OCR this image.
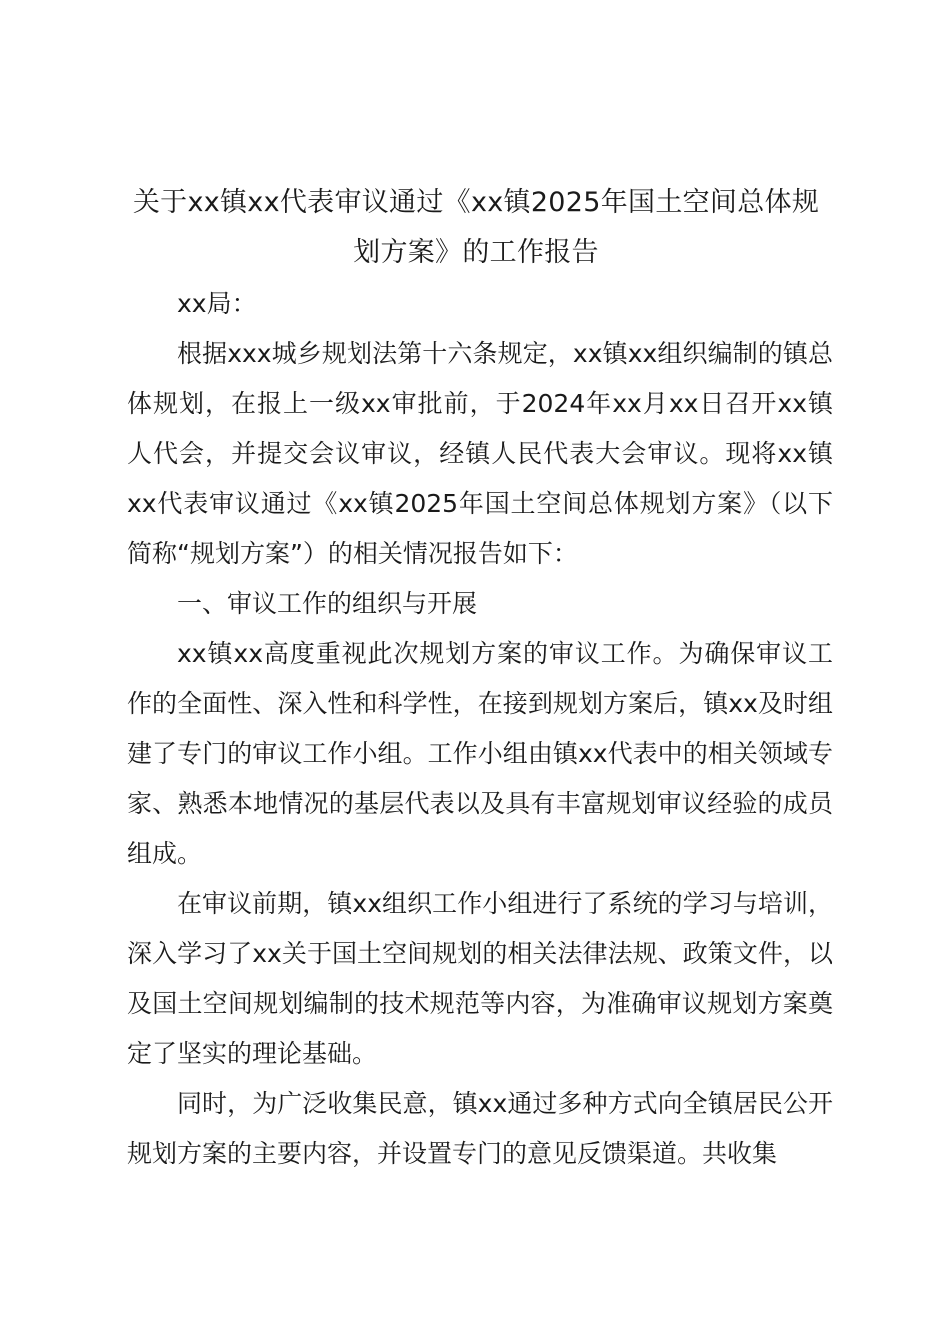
关于xx镇xx代表审议通过《xx镇2025年国土空间总体规划方案》的工作报告

xx局：

根据xxx城乡规划法第十六条规定，xx镇xx组织编制的镇总体规划，在报上一级xx审批前，于2024年xx月xx日召开xx镇人代会，并提交会议审议，经镇人民代表大会审议。现将xx镇xx代表审议通过《xx镇2025年国土空间总体规划方案》（以下简称“规划方案”）的相关情况报告如下：

一、审议工作的组织与开展

xx镇xx高度重视此次规划方案的审议工作。为确保审议工作的全面性、深入性和科学性，在接到规划方案后，镇xx及时组建了专门的审议工作小组。工作小组由镇xx代表中的相关领域专家、熟悉本地情况的基层代表以及具有丰富规划审议经验的成员组成。

在审议前期，镇xx组织工作小组进行了系统的学习与培训，深入学习了xx关于国土空间规划的相关法律法规、政策文件，以及国土空间规划编制的技术规范等内容，为准确审议规划方案奠定了坚实的理论基础。

同时，为广泛收集民意，镇xx通过多种方式向全镇居民公开规划方案的主要内容，并设置专门的意见反馈渠道。共收集
